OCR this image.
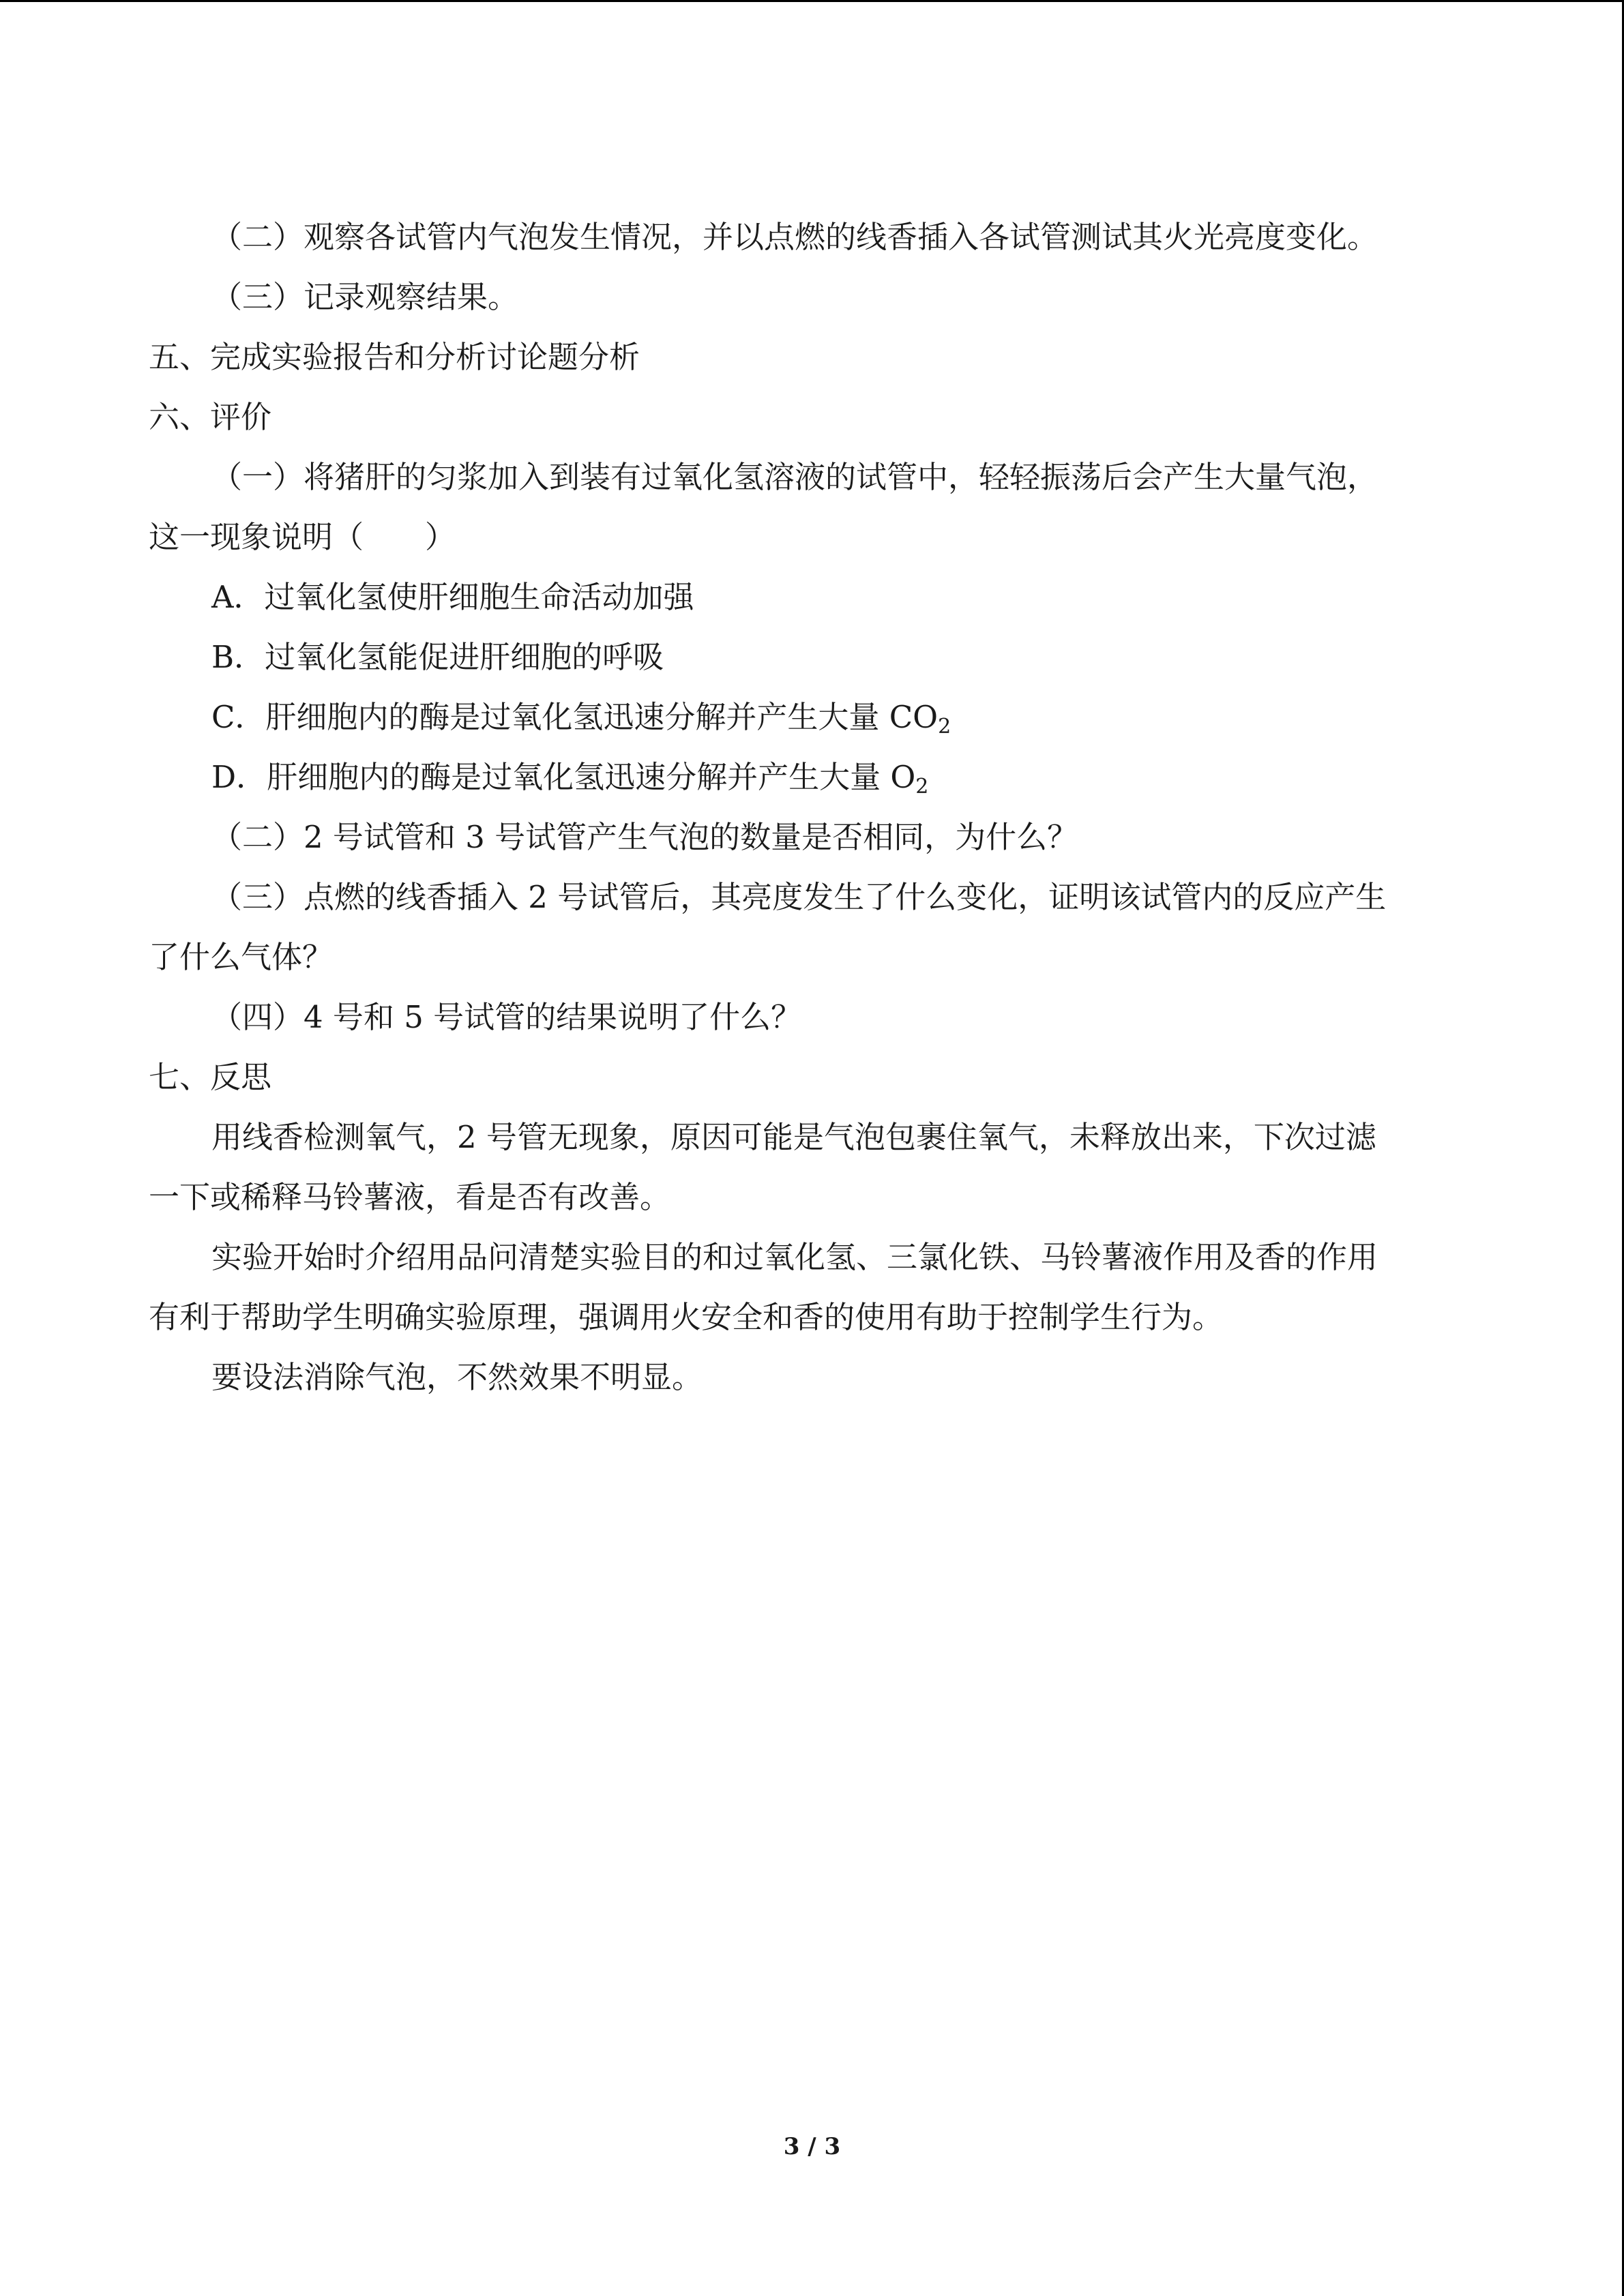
（二）观察各试管内气泡发生情况，并以点燃的线香插入各试管测试其火光亮度变化。
（三）记录观察结果。
五、完成实验报告和分析讨论题分析
六、评价
（一）将猪肝的匀浆加入到装有过氧化氢溶液的试管中，轻轻振荡后会产生大量气泡，
这一现象说明（　　）
A．过氧化氢使肝细胞生命活动加强
B．过氧化氢能促进肝细胞的呼吸
C．肝细胞内的酶是过氧化氢迅速分解并产生大量 $CO_2$
D．肝细胞内的酶是过氧化氢迅速分解并产生大量 $O_2$
（二）2 号试管和 3 号试管产生气泡的数量是否相同，为什么？
（三）点燃的线香插入 2 号试管后，其亮度发生了什么变化，证明该试管内的反应产生
了什么气体？
（四）4 号和 5 号试管的结果说明了什么？
七、反思
用线香检测氧气，2 号管无现象，原因可能是气泡包裹住氧气，未释放出来，下次过滤
一下或稀释马铃薯液，看是否有改善。
实验开始时介绍用品问清楚实验目的和过氧化氢、三氯化铁、马铃薯液作用及香的作用
有利于帮助学生明确实验原理，强调用火安全和香的使用有助于控制学生行为。
要设法消除气泡，不然效果不明显。
3 / 3
